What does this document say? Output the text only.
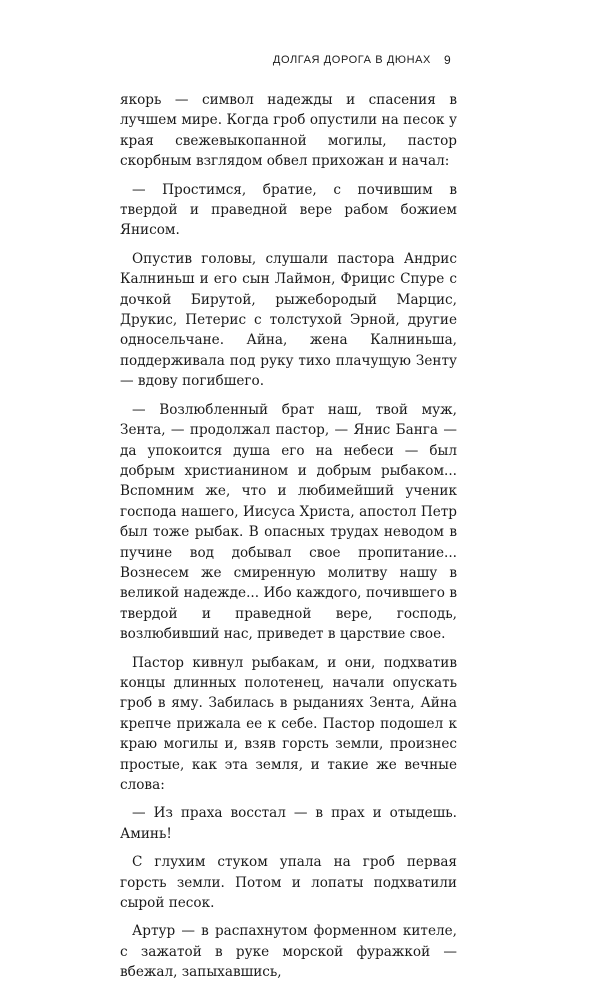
ДОЛГАЯ ДОРОГА В ДЮНАХ 9

якорь — символ надежды и спасения в лучшем мире. Когда гроб опустили на песок у края свежевыкопанной могилы, пастор скорбным взглядом обвел прихожан и начал:

— Простимся, братие, с почившим в твердой и праведной вере рабом божием Янисом.

Опустив головы, слушали пастора Андрис Калниньш и его сын Лаймон, Фрицис Спуре с дочкой Бирутой, рыжебородый Марцис, Друкис, Петерис с толстухой Эрной, другие односельчане. Айна, жена Калниньша, поддерживала под руку тихо плачущую Зенту — вдову погибшего.

— Возлюбленный брат наш, твой муж, Зента, — продолжал пастор, — Янис Банга — да упокоится душа его на небеси — был добрым христианином и добрым рыбаком... Вспомним же, что и любимейший ученик господа нашего, Иисуса Христа, апостол Петр был тоже рыбак. В опасных трудах неводом в пучине вод добывал свое пропитание... Вознесем же смиренную молитву нашу в великой надежде... Ибо каждого, почившего в твердой и праведной вере, господь, возлюбивший нас, приведет в царствие свое.

Пастор кивнул рыбакам, и они, подхватив концы длинных полотенец, начали опускать гроб в яму. Забилась в рыданиях Зента, Айна крепче прижала ее к себе. Пастор подошел к краю могилы и, взяв горсть земли, произнес простые, как эта земля, и такие же вечные слова:

— Из праха восстал — в прах и отыдешь. Аминь!

С глухим стуком упала на гроб первая горсть земли. Потом и лопаты подхватили сырой песок.

Артур — в распахнутом форменном кителе, с зажатой в руке морской фуражкой — вбежал, запыхавшись,
